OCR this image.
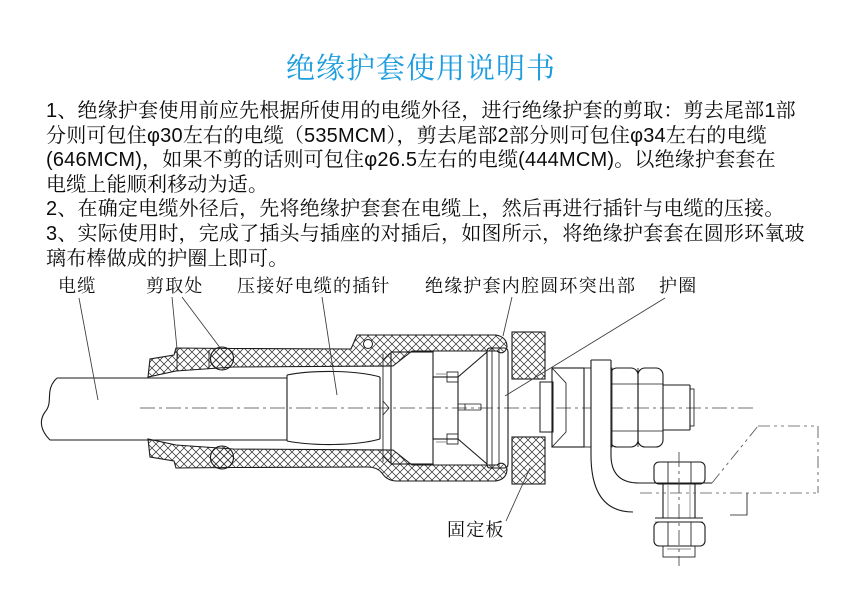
绝缘护套使用说明书
1、绝缘护套使用前应先根据所使用的电缆外径，进行绝缘护套的剪取：剪去尾部1部
分则可包住φ30左右的电缆（535MCM），剪去尾部2部分则可包住φ34左右的电缆
(646MCM)，如果不剪的话则可包住φ26.5左右的电缆(444MCM)。以绝缘护套套在
电缆上能顺利移动为适。
2、在确定电缆外径后，先将绝缘护套套在电缆上，然后再进行插针与电缆的压接。
3、实际使用时，完成了插头与插座的对插后，如图所示，将绝缘护套套在圆形环氧玻
璃布棒做成的护圈上即可。
电缆	剪取处 压接好电缆的插针 绝缘护套内腔圆环突出部 护圈
固定板
